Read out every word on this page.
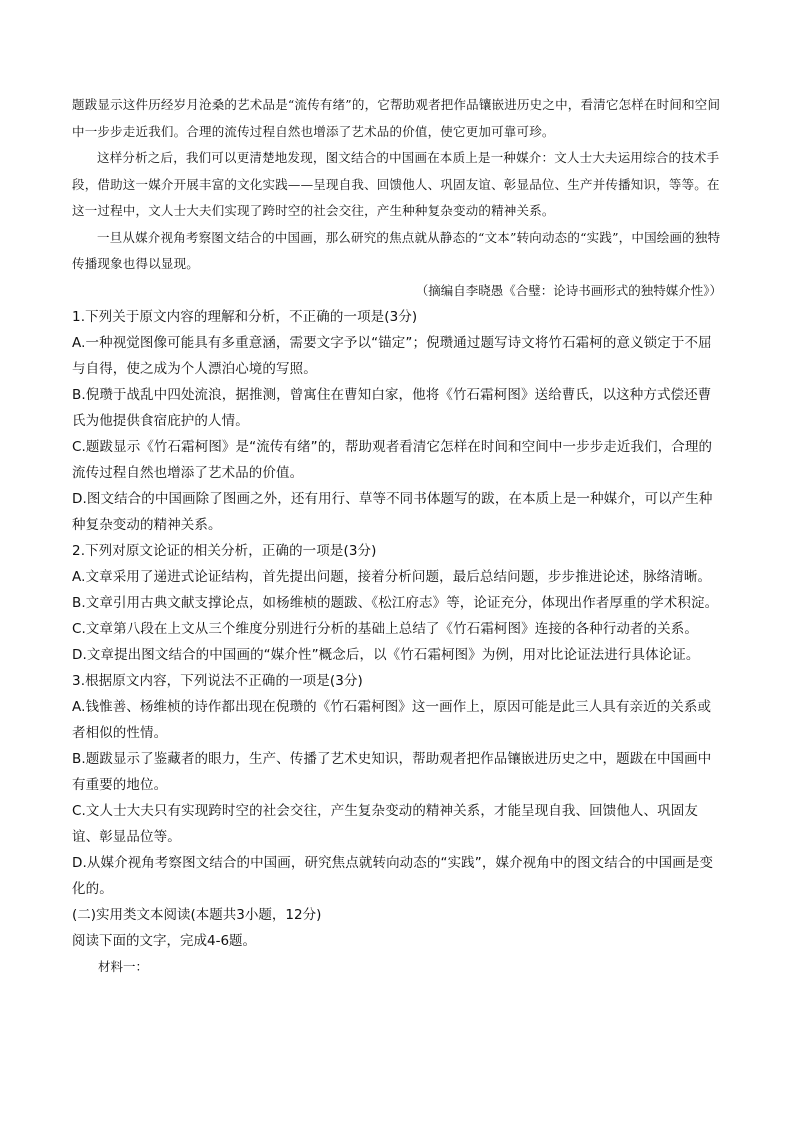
题跋显示这件历经岁月沧桑的艺术品是“流传有绪”的，它帮助观者把作品镶嵌进历史之中，看清它怎样在时间和空间中一步步走近我们。合理的流传过程自然也增添了艺术品的价值，使它更加可靠可珍。

这样分析之后，我们可以更清楚地发现，图文结合的中国画在本质上是一种媒介：文人士大夫运用综合的技术手段，借助这一媒介开展丰富的文化实践——呈现自我、回馈他人、巩固友谊、彰显品位、生产并传播知识，等等。在这一过程中，文人士大夫们实现了跨时空的社会交往，产生种种复杂变动的精神关系。

一旦从媒介视角考察图文结合的中国画，那么研究的焦点就从静态的“文本”转向动态的“实践”，中国绘画的独特传播现象也得以显现。

（摘编自李晓愚《合璧：论诗书画形式的独特媒介性》）

1.下列关于原文内容的理解和分析，不正确的一项是(3分)

A.一种视觉图像可能具有多重意涵，需要文字予以“锚定”；倪瓒通过题写诗文将竹石霜柯的意义锁定于不屈与自得，使之成为个人漂泊心境的写照。

B.倪瓒于战乱中四处流浪，据推测，曾寓住在曹知白家，他将《竹石霜柯图》送给曹氏，以这种方式偿还曹氏为他提供食宿庇护的人情。

C.题跋显示《竹石霜柯图》是“流传有绪”的，帮助观者看清它怎样在时间和空间中一步步走近我们，合理的流传过程自然也增添了艺术品的价值。

D.图文结合的中国画除了图画之外，还有用行、草等不同书体题写的跋，在本质上是一种媒介，可以产生种种复杂变动的精神关系。

2.下列对原文论证的相关分析，正确的一项是(3分)

A.文章采用了递进式论证结构，首先提出问题，接着分析问题，最后总结问题，步步推进论述，脉络清晰。

B.文章引用古典文献支撑论点，如杨维桢的题跋、《松江府志》等，论证充分，体现出作者厚重的学术积淀。

C.文章第八段在上文从三个维度分别进行分析的基础上总结了《竹石霜柯图》连接的各种行动者的关系。

D.文章提出图文结合的中国画的“媒介性”概念后，以《竹石霜柯图》为例，用对比论证法进行具体论证。

3.根据原文内容，下列说法不正确的一项是(3分)

A.钱惟善、杨维桢的诗作都出现在倪瓒的《竹石霜柯图》这一画作上，原因可能是此三人具有亲近的关系或者相似的性情。

B.题跋显示了鉴藏者的眼力，生产、传播了艺术史知识，帮助观者把作品镶嵌进历史之中，题跋在中国画中有重要的地位。

C.文人士大夫只有实现跨时空的社会交往，产生复杂变动的精神关系，才能呈现自我、回馈他人、巩固友谊、彰显品位等。

D.从媒介视角考察图文结合的中国画，研究焦点就转向动态的“实践”，媒介视角中的图文结合的中国画是变化的。

(二)实用类文本阅读(本题共3小题，12分)

阅读下面的文字，完成4-6题。

材料一：
